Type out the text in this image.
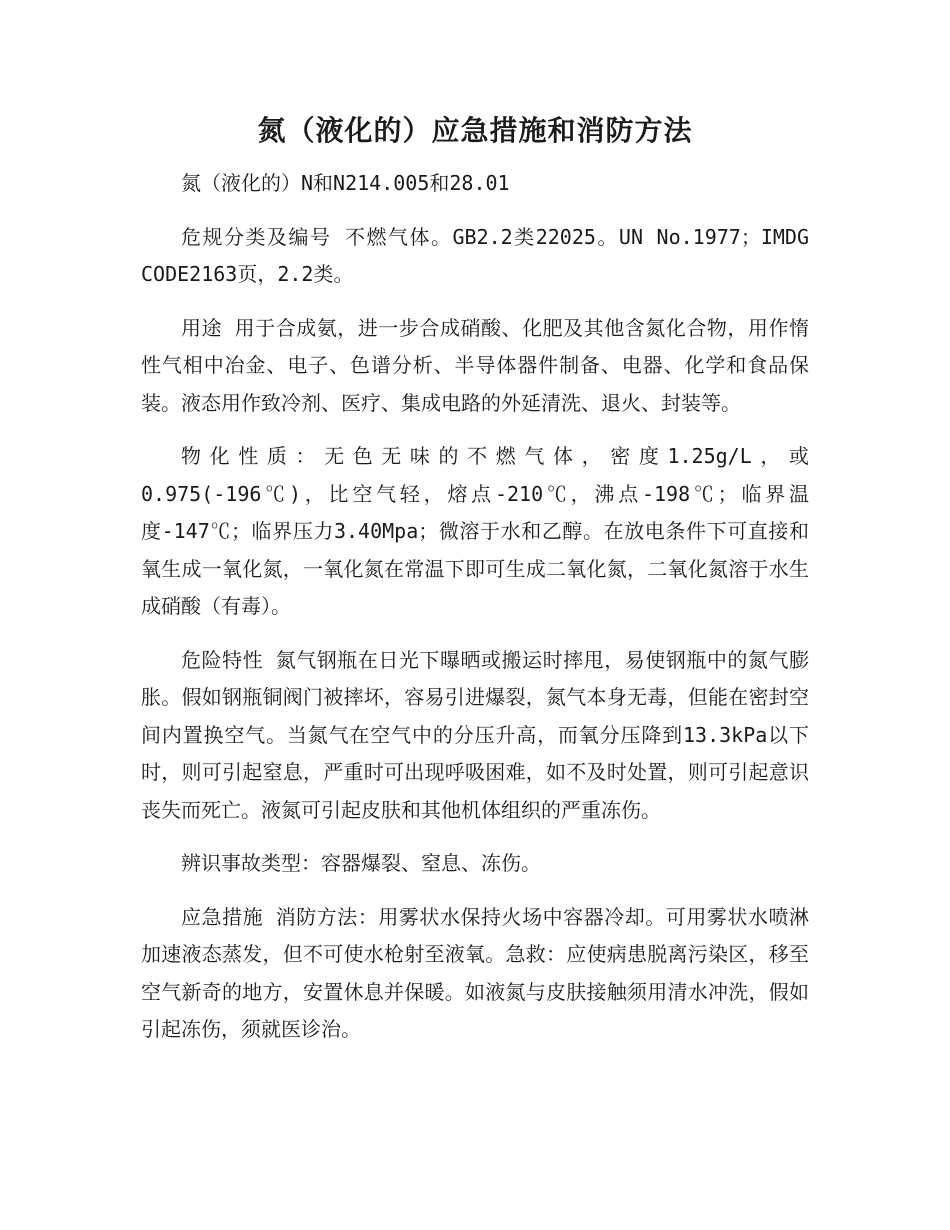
氮（液化的）应急措施和消防方法

氮（液化的）N和N214.005和28.01

危规分类及编号 不燃气体。GB2.2类22025。UN No.1977；IMDG CODE2163页，2.2类。

用途 用于合成氨，进一步合成硝酸、化肥及其他含氮化合物，用作惰性气相中冶金、电子、色谱分析、半导体器件制备、电器、化学和食品保装。液态用作致冷剂、医疗、集成电路的外延清洗、退火、封装等。

物化性质：无色无味的不燃气体，密度1.25g/L，或0.975(-196℃)，比空气轻，熔点-210℃，沸点-198℃；临界温度-147℃；临界压力3.40Mpa；微溶于水和乙醇。在放电条件下可直接和氧生成一氧化氮，一氧化氮在常温下即可生成二氧化氮，二氧化氮溶于水生成硝酸（有毒）。

危险特性 氮气钢瓶在日光下曝晒或搬运时摔甩，易使钢瓶中的氮气膨胀。假如钢瓶铜阀门被摔坏，容易引进爆裂，氮气本身无毒，但能在密封空间内置换空气。当氮气在空气中的分压升高，而氧分压降到13.3kPa以下时，则可引起窒息，严重时可出现呼吸困难，如不及时处置，则可引起意识丧失而死亡。液氮可引起皮肤和其他机体组织的严重冻伤。

辨识事故类型：容器爆裂、窒息、冻伤。

应急措施 消防方法：用雾状水保持火场中容器冷却。可用雾状水喷淋加速液态蒸发，但不可使水枪射至液氧。急救：应使病患脱离污染区，移至空气新奇的地方，安置休息并保暖。如液氮与皮肤接触须用清水冲洗，假如引起冻伤，须就医诊治。
